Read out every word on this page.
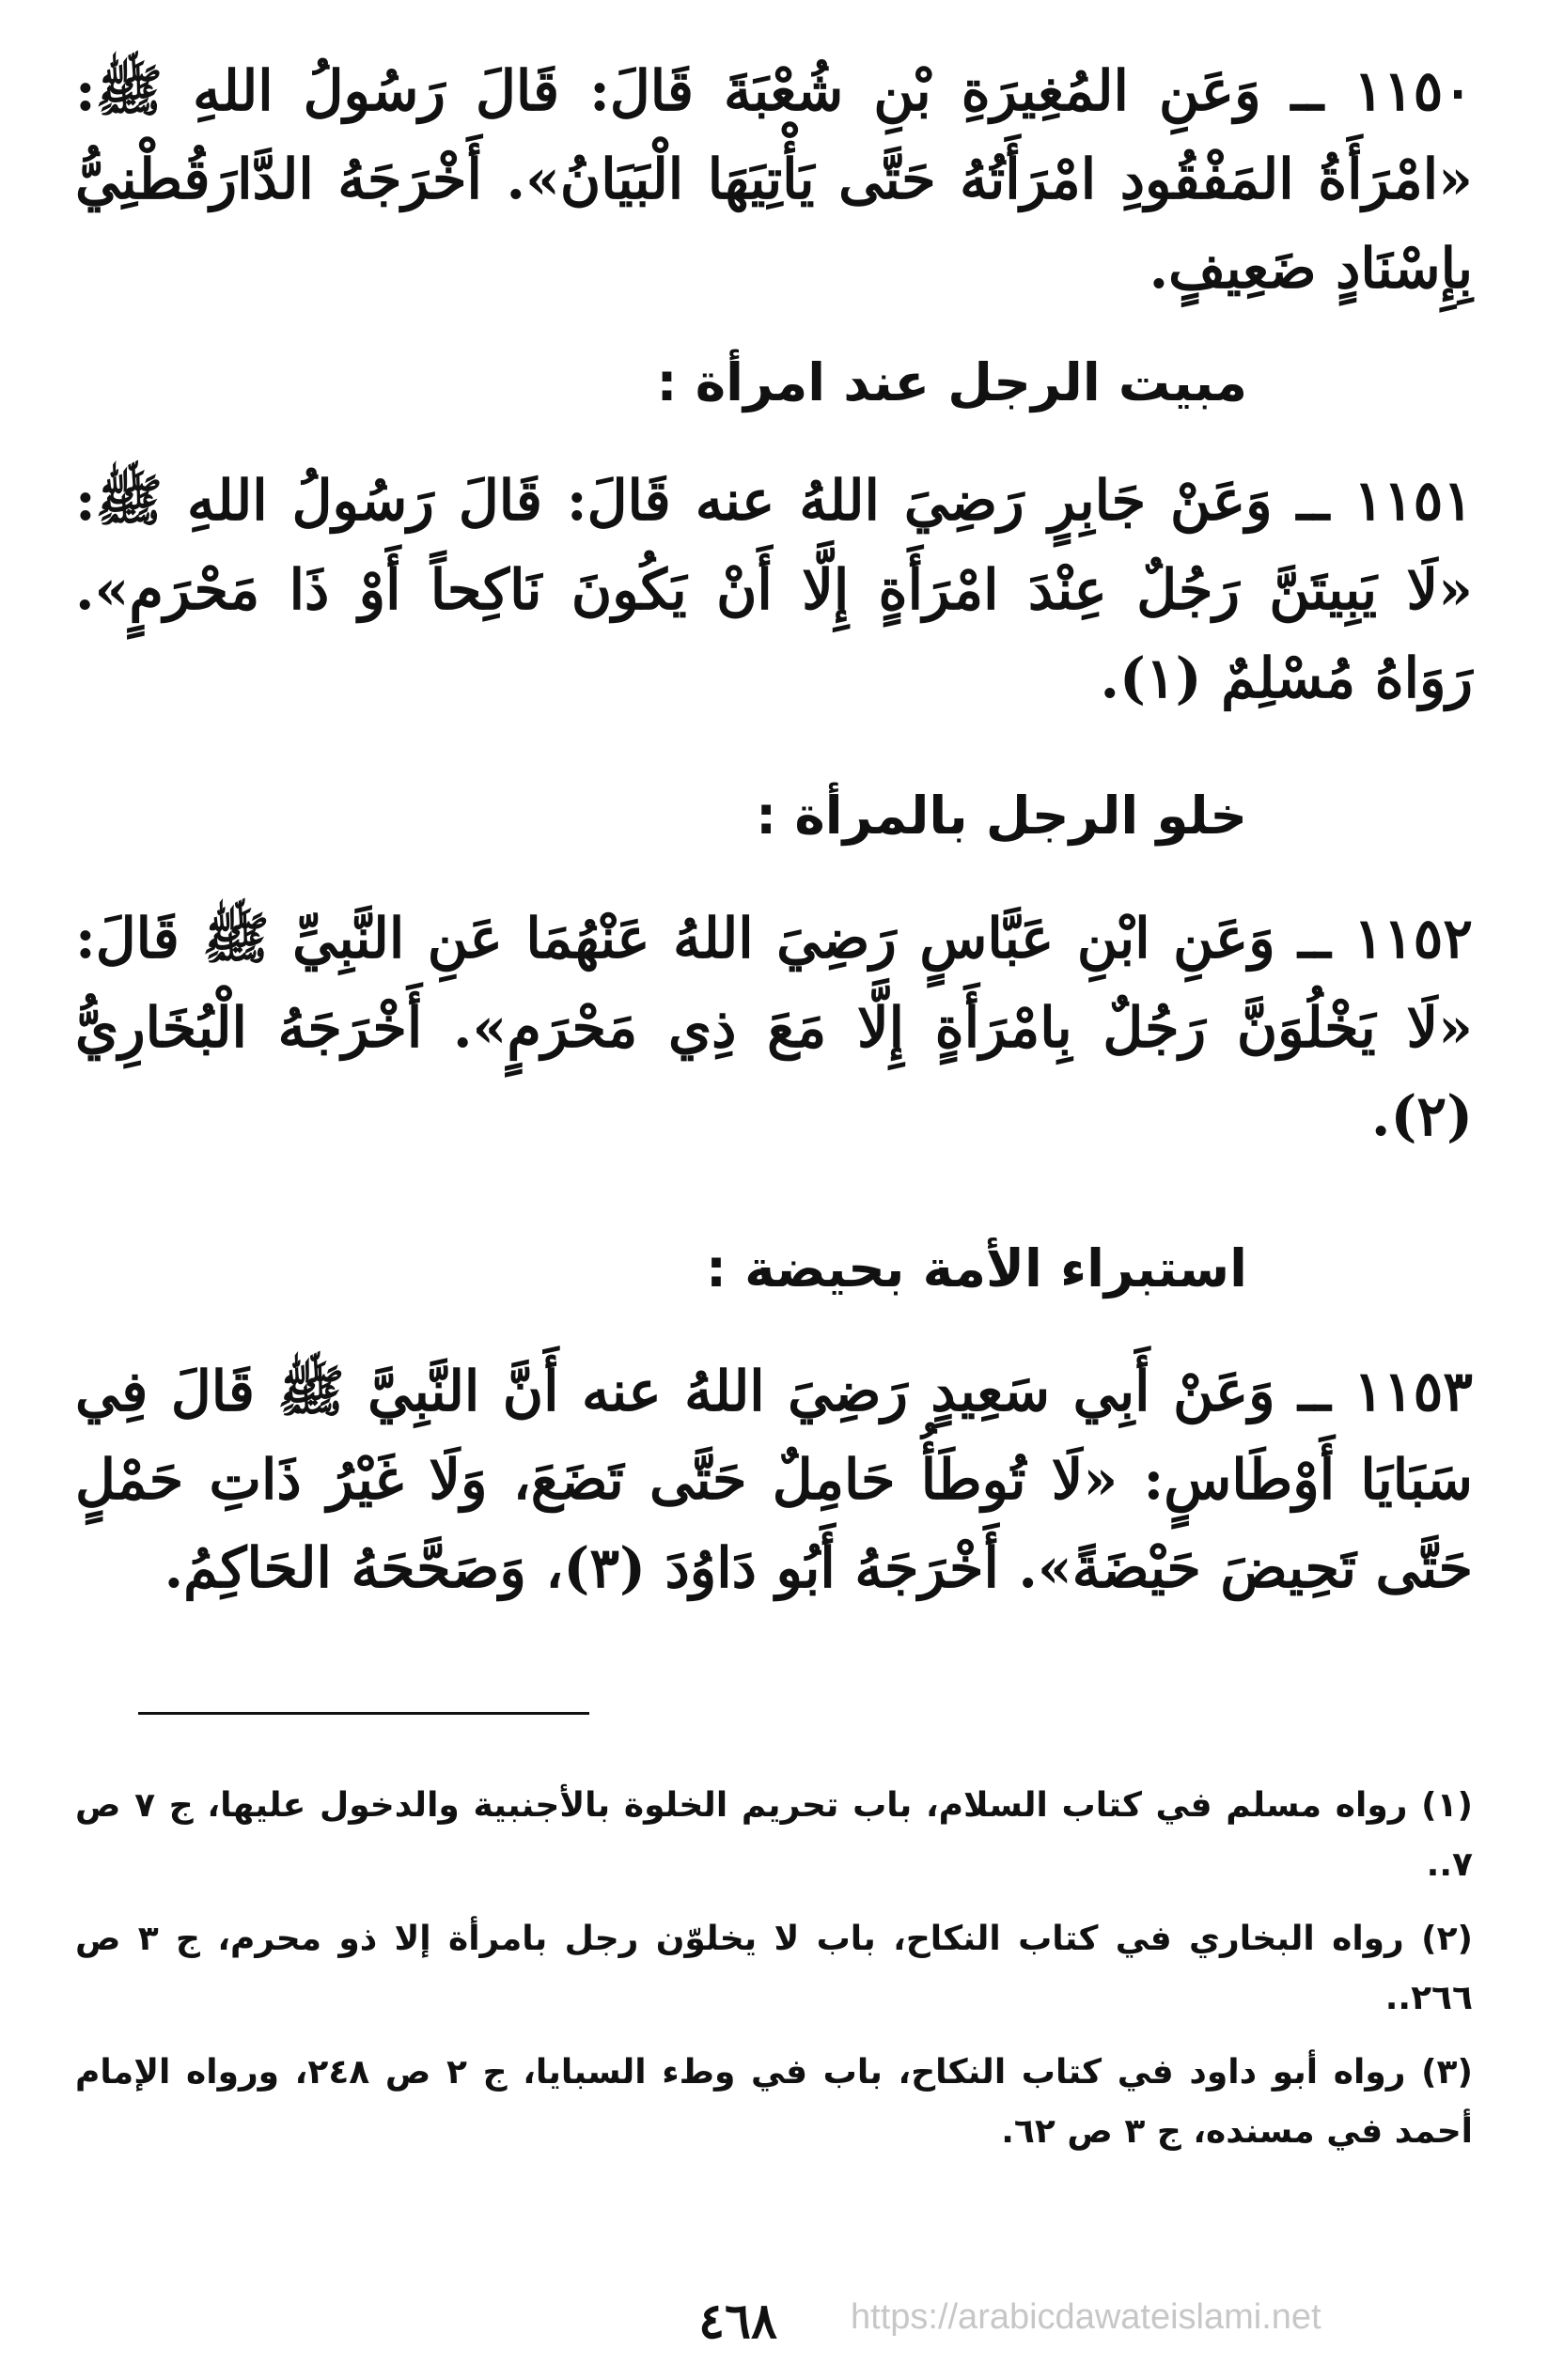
١١٥٠ ــ وَعَنِ المُغِيرَةِ بْنِ شُعْبَةَ قَالَ: قَالَ رَسُولُ اللهِ ﷺ: «امْرَأَةُ المَفْقُودِ امْرَأَتُهُ حَتَّى يَأْتِيَهَا الْبَيَانُ». أَخْرَجَهُ الدَّارَقُطْنِيُّ بِإِسْنَادٍ ضَعِيفٍ.

مبيت الرجل عند امرأة :

١١٥١ ــ وَعَنْ جَابِرٍ رَضِيَ اللهُ عنه قَالَ: قَالَ رَسُولُ اللهِ ﷺ: «لَا يَبِيتَنَّ رَجُلٌ عِنْدَ امْرَأَةٍ إِلَّا أَنْ يَكُونَ نَاكِحاً أَوْ ذَا مَحْرَمٍ». رَوَاهُ مُسْلِمٌ (١).

خلو الرجل بالمرأة :

١١٥٢ ــ وَعَنِ ابْنِ عَبَّاسٍ رَضِيَ اللهُ عَنْهُمَا عَنِ النَّبِيِّ ﷺ قَالَ: «لَا يَخْلُوَنَّ رَجُلٌ بِامْرَأَةٍ إِلَّا مَعَ ذِي مَحْرَمٍ». أَخْرَجَهُ الْبُخَارِيُّ (٢).

استبراء الأمة بحيضة :

١١٥٣ ــ وَعَنْ أَبِي سَعِيدٍ رَضِيَ اللهُ عنه أَنَّ النَّبِيَّ ﷺ قَالَ فِي سَبَايَا أَوْطَاسٍ: «لَا تُوطَأُ حَامِلٌ حَتَّى تَضَعَ، وَلَا غَيْرُ ذَاتِ حَمْلٍ حَتَّى تَحِيضَ حَيْضَةً». أَخْرَجَهُ أَبُو دَاوُدَ (٣)، وَصَحَّحَهُ الحَاكِمُ.

(١) رواه مسلم في كتاب السلام، باب تحريم الخلوة بالأجنبية والدخول عليها، ج ٧ ص ٧..

(٢) رواه البخاري في كتاب النكاح، باب لا يخلوّن رجل بامرأة إلا ذو محرم، ج ٣ ص ٢٦٦..

(٣) رواه أبو داود في كتاب النكاح، باب في وطء السبايا، ج ٢ ص ٢٤٨، ورواه الإمام أحمد في مسنده، ج ٣ ص ٦٢.

٤٦٨	https://arabicdawateislami.net
